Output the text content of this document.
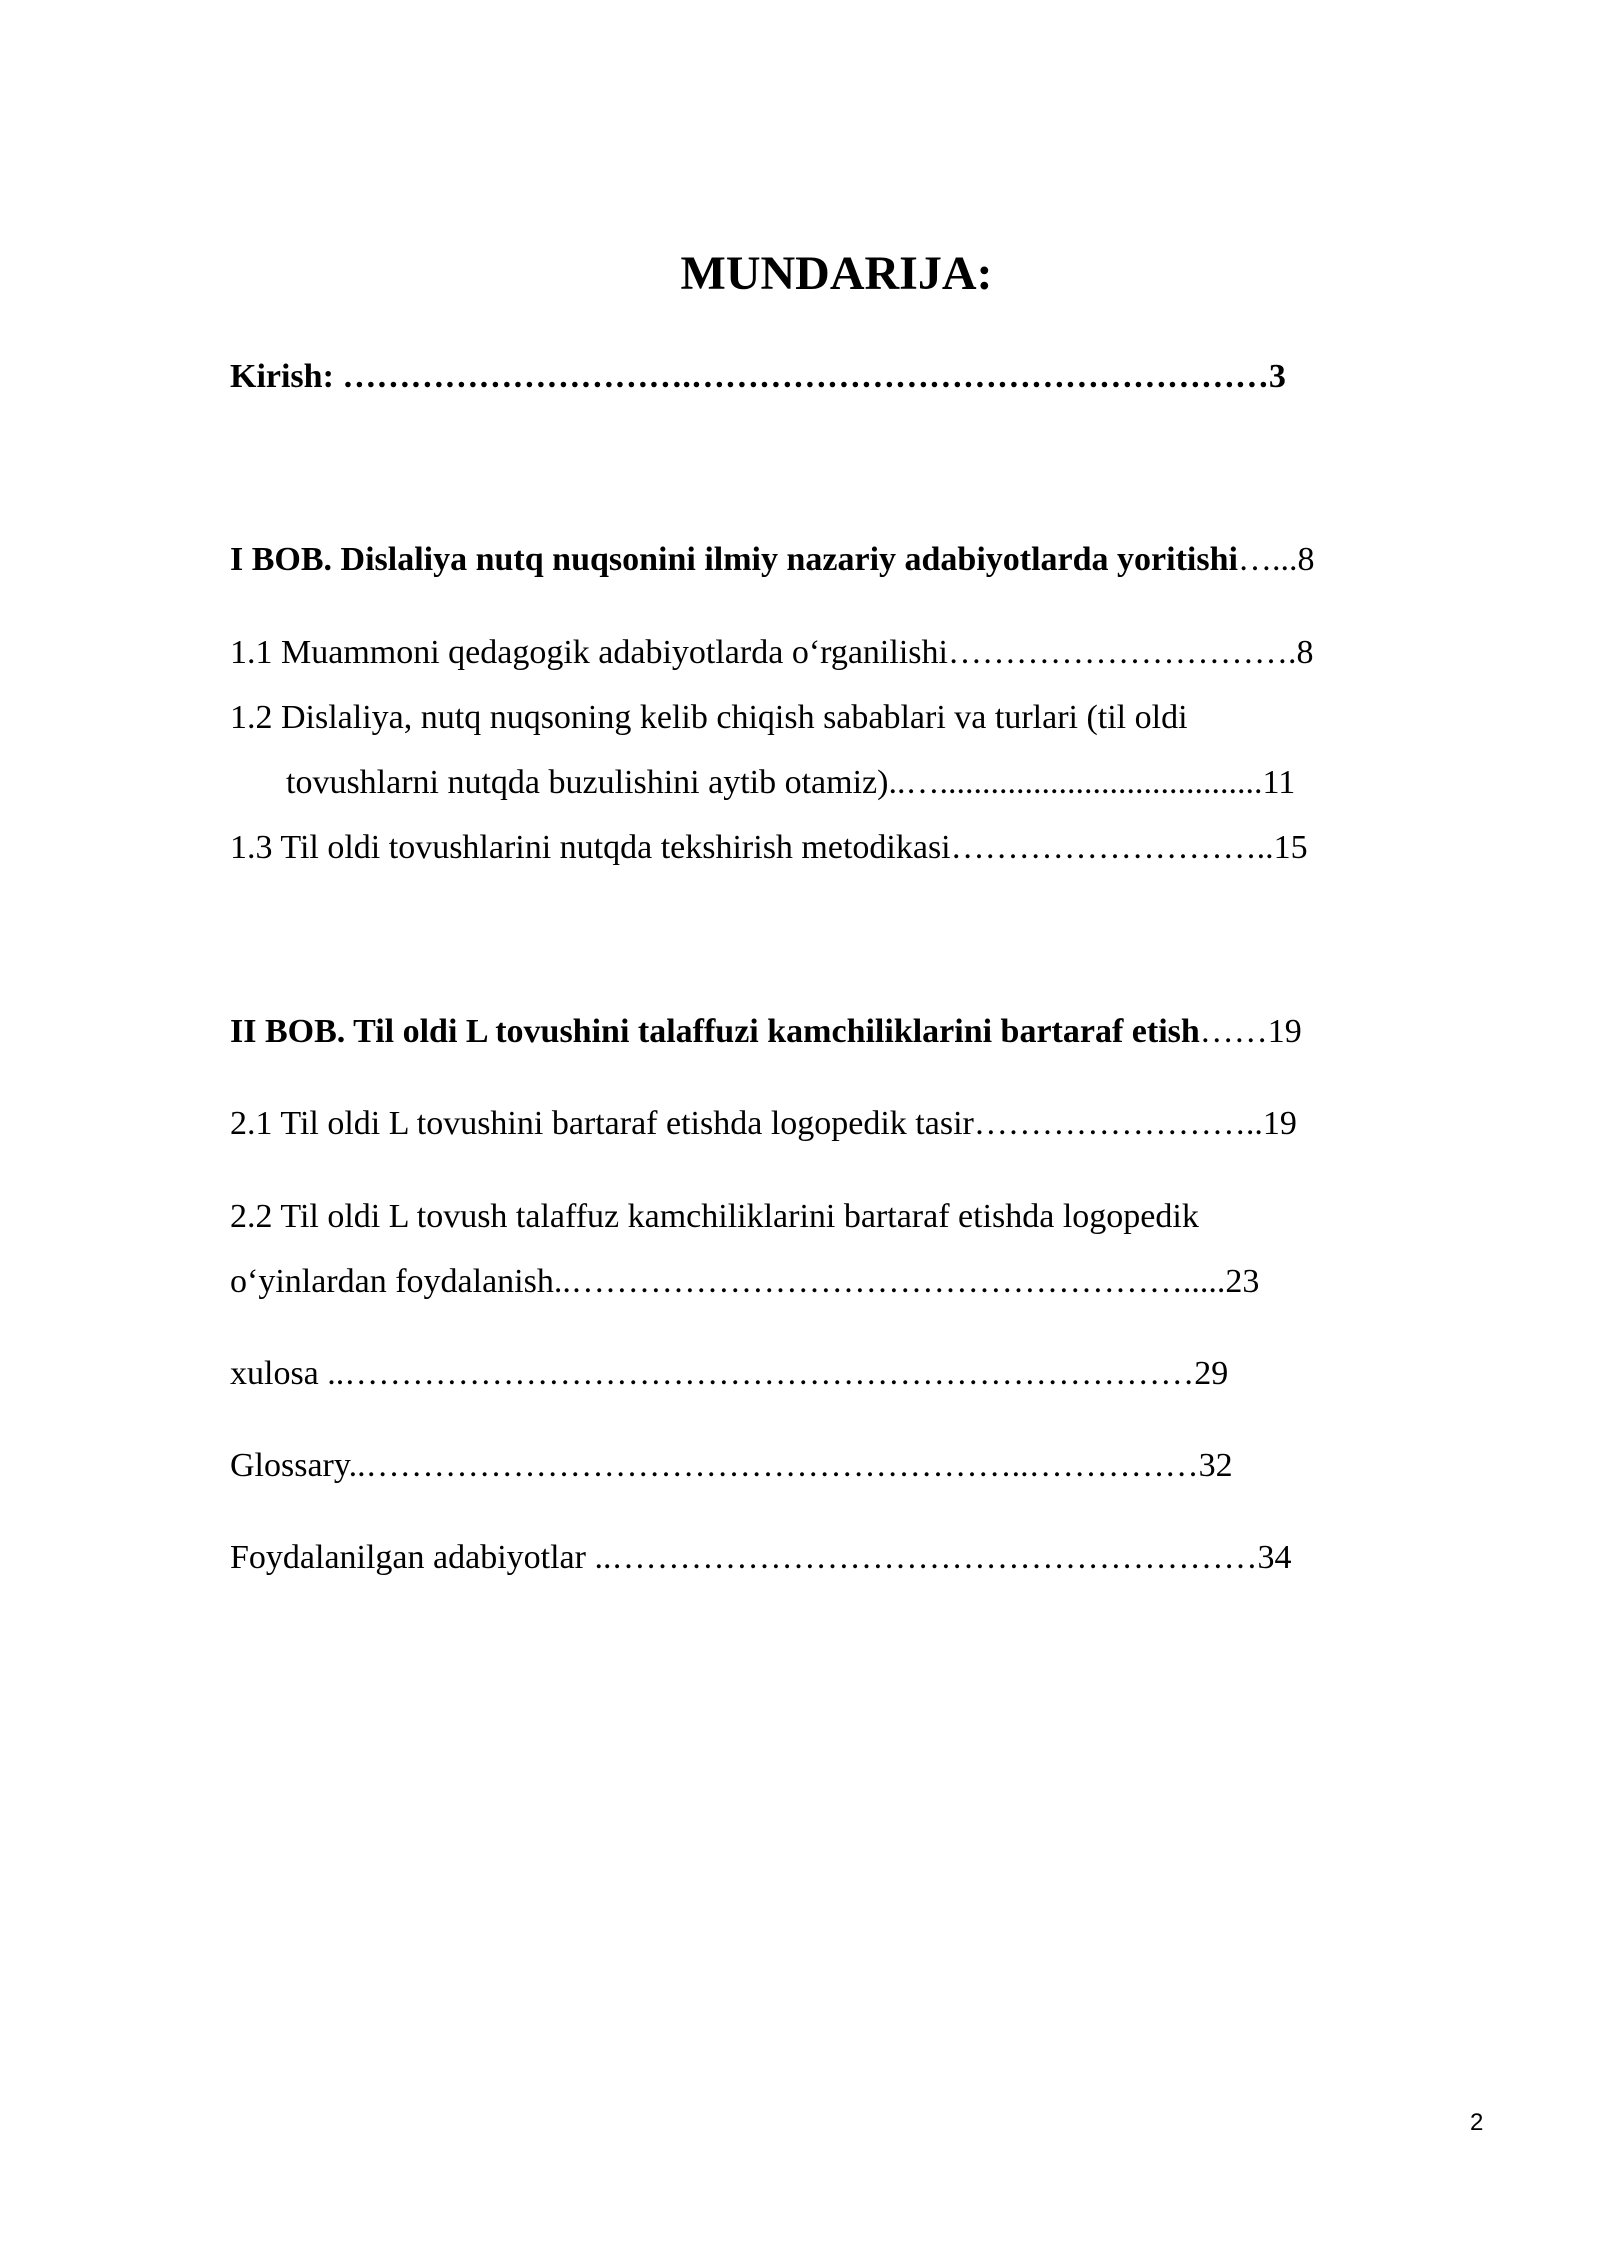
MUNDARIJA:

Kirish: ………………………….……………………………………………3

I BOB. Dislaliya nutq nuqsonini ilmiy nazariy adabiyotlarda yoritishi…...8

1.1 Muammoni qedagogik adabiyotlarda o‘rganilishi………………………….8

1.2 Dislaliya, nutq nuqsoning kelib chiqish sabablari va turlari (til oldi

tovushlarni nutqda buzulishini aytib otamiz)..…......................................11

1.3 Til oldi tovushlarini nutqda tekshirish metodikasi………………………..15

II BOB. Til oldi L tovushini talaffuzi kamchiliklarini bartaraf etish……19

2.1 Til oldi L tovushini bartaraf etishda logopedik tasir……………………..19

2.2 Til oldi L tovush talaffuz kamchiliklarini bartaraf etishda logopedik

o‘yinlardan foydalanish..……………………………………………….....23

xulosa ..…………………………………………………………………29

Glossary..…………………………………………………..……………32

Foydalanilgan adabiyotlar ..…………………………………………………34

2
